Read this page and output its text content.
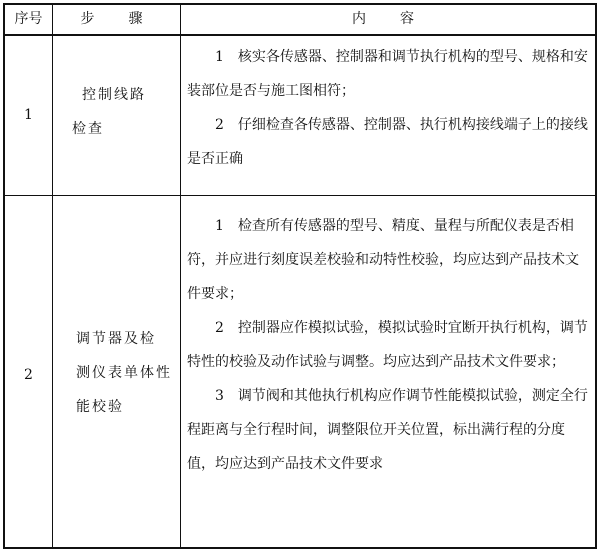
序号	步　骤	内　容
1
控制线路
检查

1　核实各传感器、控制器和调节执行机构的型号、规格和安装部位是否与施工图相符；

2　仔细检查各传感器、控制器、执行机构接线端子上的接线是否正确

2
调节器及检
测仪表单体性
能校验

1　检查所有传感器的型号、精度、量程与所配仪表是否相符，并应进行刻度误差校验和动特性校验，均应达到产品技术文件要求；

2　控制器应作模拟试验，模拟试验时宜断开执行机构，调节特性的校验及动作试验与调整。均应达到产品技术文件要求；

3　调节阀和其他执行机构应作调节性能模拟试验，测定全行程距离与全行程时间，调整限位开关位置，标出满行程的分度值，均应达到产品技术文件要求
